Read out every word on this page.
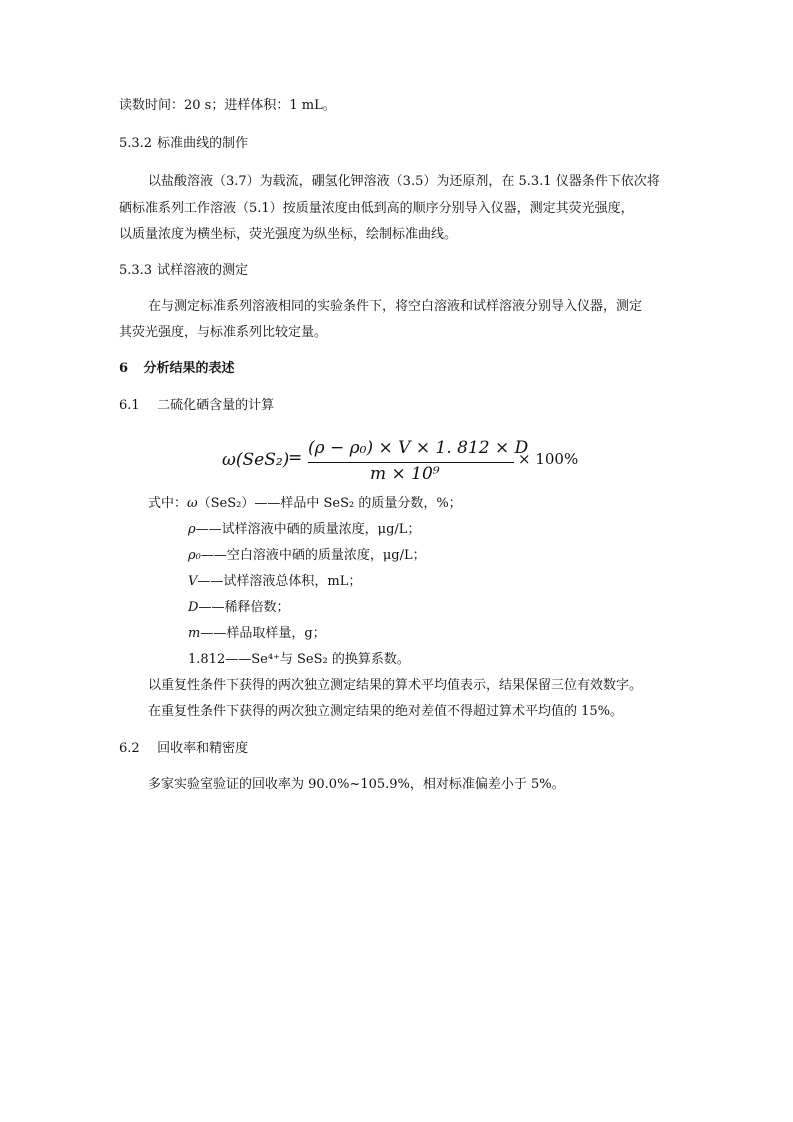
读数时间：20 s；进样体积：1 mL。
5.3.2 标准曲线的制作
以盐酸溶液（3.7）为载流，硼氢化钾溶液（3.5）为还原剂，在 5.3.1 仪器条件下依次将
硒标准系列工作溶液（5.1）按质量浓度由低到高的顺序分别导入仪器，测定其荧光强度，
以质量浓度为横坐标，荧光强度为纵坐标，绘制标准曲线。
5.3.3 试样溶液的测定
在与测定标准系列溶液相同的实验条件下，将空白溶液和试样溶液分别导入仪器，测定
其荧光强度，与标准系列比较定量。
6 分析结果的表述
6.1 二硫化硒含量的计算
ω(SeS₂)
= (ρ − ρ₀) × V × 1. 812 × D
m × 10⁹
× 100%
式中：ω（SeS₂）——样品中 SeS₂ 的质量分数，%；
ρ——试样溶液中硒的质量浓度，μg/L；
ρ₀——空白溶液中硒的质量浓度，μg/L；
V——试样溶液总体积，mL；
D——稀释倍数；
m——样品取样量，g；
1.812——Se⁴⁺与 SeS₂ 的换算系数。
以重复性条件下获得的两次独立测定结果的算术平均值表示，结果保留三位有效数字。
在重复性条件下获得的两次独立测定结果的绝对差值不得超过算术平均值的 15%。
6.2 回收率和精密度
多家实验室验证的回收率为 90.0%~105.9%，相对标准偏差小于 5%。
